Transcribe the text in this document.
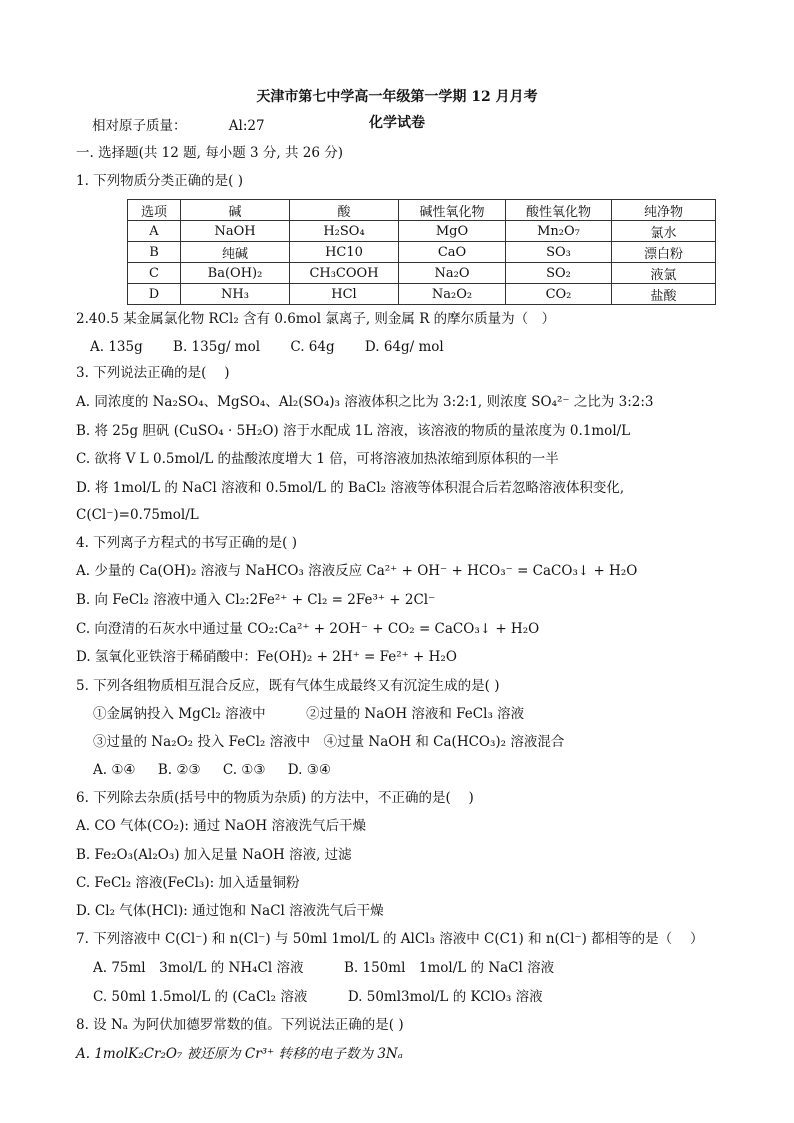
天津市第七中学高一年级第一学期 12 月月考
化学试卷
相对原子质量：	Al:27
一. 选择题(共 12 题, 每小题 3 分, 共 26 分)
1. 下列物质分类正确的是( )
选项	碱	酸	碱性氧化物	酸性氧化物	纯净物
A	NaOH	H₂SO₄	MgO	Mn₂O₇	氯水
B	纯碱	HC10	CaO	SO₃	漂白粉
C	Ba(OH)₂	CH₃COOH	Na₂O	SO₂	液氯
D	NH₃	HCl	Na₂O₂	CO₂	盐酸
2.40.5 某金属氯化物 RCl₂ 含有 0.6mol 氯离子, 则金属 R 的摩尔质量为（　）
A. 135g B. 135g/ mol C. 64g D. 64g/ mol
3. 下列说法正确的是(　 )
A. 同浓度的 Na₂SO₄、MgSO₄、Al₂(SO₄)₃ 溶液体积之比为 3:2:1, 则浓度 SO₄²⁻ 之比为 3:2:3
B. 将 25g 胆矾 (CuSO₄ · 5H₂O) 溶于水配成 1L 溶液，该溶液的物质的量浓度为 0.1mol/L
C. 欲将 V L 0.5mol/L 的盐酸浓度增大 1 倍，可将溶液加热浓缩到原体积的一半
D. 将 1mol/L 的 NaCl 溶液和 0.5mol/L 的 BaCl₂ 溶液等体积混合后若忽略溶液体积变化,
C(Cl⁻)=0.75mol/L
4. 下列离子方程式的书写正确的是( )
A. 少量的 Ca(OH)₂ 溶液与 NaHCO₃ 溶液反应 Ca²⁺ + OH⁻ + HCO₃⁻ = CaCO₃↓ + H₂O
B. 向 FeCl₂ 溶液中通入 Cl₂:2Fe²⁺ + Cl₂ = 2Fe³⁺ + 2Cl⁻
C. 向澄清的石灰水中通过量 CO₂:Ca²⁺ + 2OH⁻ + CO₂ = CaCO₃↓ + H₂O
D. 氢氧化亚铁溶于稀硝酸中：Fe(OH)₂ + 2H⁺ = Fe²⁺ + H₂O
5. 下列各组物质相互混合反应，既有气体生成最终又有沉淀生成的是( )
①金属钠投入 MgCl₂ 溶液中　　　②过量的 NaOH 溶液和 FeCl₃ 溶液
③过量的 Na₂O₂ 投入 FeCl₂ 溶液中　④过量 NaOH 和 Ca(HCO₃)₂ 溶液混合
A. ①④ B. ②③ C. ①③ D. ③④
6. 下列除去杂质(括号中的物质为杂质) 的方法中，不正确的是(　 )
A. CO 气体(CO₂): 通过 NaOH 溶液洗气后干燥
B. Fe₂O₃(Al₂O₃) 加入足量 NaOH 溶液, 过滤
C. FeCl₂ 溶液(FeCl₃): 加入适量铜粉
D. Cl₂ 气体(HCl): 通过饱和 NaCl 溶液洗气后干燥
7. 下列溶液中 C(Cl⁻) 和 n(Cl⁻) 与 50ml 1mol/L 的 AlCl₃ 溶液中 C(C1) 和 n(Cl⁻) 都相等的是（　 ）
A. 75ml　3mol/L 的 NH₄Cl 溶液　　　B. 150ml　1mol/L 的 NaCl 溶液
C. 50ml 1.5mol/L 的 (CaCl₂ 溶液　　　D. 50ml3mol/L 的 KClO₃ 溶液
8. 设 Nₐ 为阿伏加德罗常数的值。下列说法正确的是( )
A. 1molK₂Cr₂O₇ 被还原为 Cr³⁺ 转移的电子数为 3Nₐ
